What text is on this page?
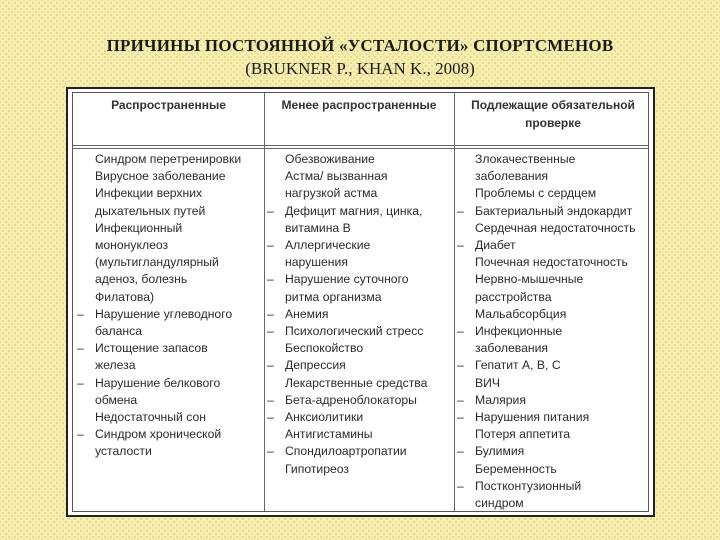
ПРИЧИНЫ ПОСТОЯННОЙ «УСТАЛОСТИ» СПОРТСМЕНОВ
(BRUKNER P., KHAN K., 2008)
Распространенные	Менее распространенные	Подлежащие обязательной проверке
Синдром перетренировки
Вирусное заболевание
Инфекции верхних
дыхательных путей
Инфекционный
мононуклеоз
(мультигландулярный
аденоз, болезнь
Филатова)
– Нарушение углеводного
баланса
– Истощение запасов
железа
– Нарушение белкового
обмена
Недостаточный сон
– Синдром хронической
усталости
Обезвоживание
Астма/ вызванная
нагрузкой астма
– Дефицит магния, цинка,
витамина В
– Аллергические
нарушения
– Нарушение суточного
ритма организма
– Анемия
– Психологический стресс
Беспокойство
– Депрессия
Лекарственные средства
– Бета-адреноблокаторы
– Анксиолитики
Антигистамины
– Спондилоартропатии
Гипотиреоз
Злокачественные
заболевания
Проблемы с сердцем
– Бактериальный эндокардит
Сердечная недостаточность
– Диабет
Почечная недостаточность
Нервно-мышечные
расстройства
Мальабсорбция
– Инфекционные
заболевания
– Гепатит А, В, С
ВИЧ
– Малярия
– Нарушения питания
Потеря аппетита
– Булимия
Беременность
– Постконтузионный
синдром
